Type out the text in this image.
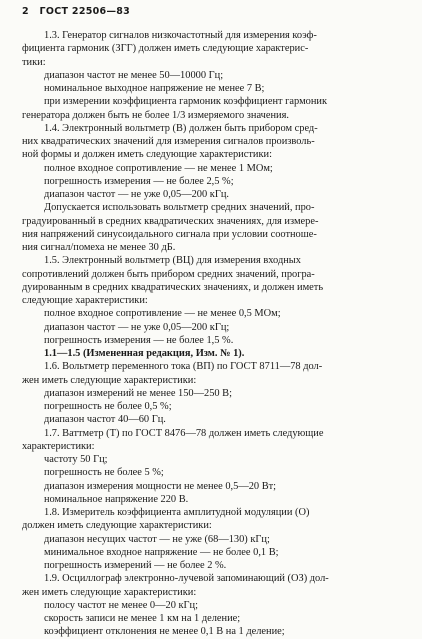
2 ГОСТ 22506—83
1.3. Генератор сигналов низкочастотный для измерения коэф-
фициента гармоник (ЗГГ) должен иметь следующие характерис-
тики:
диапазон частот не менее 50—10000 Гц;
номинальное выходное напряжение не менее 7 В;
при измерении коэффициента гармоник коэффициент гармоник
генератора должен быть не более 1/3 измеряемого значения.
1.4. Электронный вольтметр (В) должен быть прибором сред-
них квадратических значений для измерения сигналов произволь-
ной формы и должен иметь следующие характеристики:
полное входное сопротивление — не менее 1 МОм;
погрешность измерения — не более 2,5 %;
диапазон частот — не уже 0,05—200 кГц.
Допускается использовать вольтметр средних значений, про-
градуированный в средних квадратических значениях, для измере-
ния напряжений синусоидального сигнала при условии соотноше-
ния сигнал/помеха не менее 30 дБ.
1.5. Электронный вольтметр (ВЦ) для измерения входных
сопротивлений должен быть прибором средних значений, програ-
дуированным в средних квадратических значениях, и должен иметь
следующие характеристики:
полное входное сопротивление — не менее 0,5 МОм;
диапазон частот — не уже 0,05—200 кГц;
погрешность измерения — не более 1,5 %.
1.1—1.5 (Измененная редакция, Изм. № 1).
1.6. Вольтметр переменного тока (ВП) по ГОСТ 8711—78 дол-
жен иметь следующие характеристики:
диапазон измерений не менее 150—250 В;
погрешность не более 0,5 %;
диапазон частот 40—60 Гц.
1.7. Ваттметр (Т) по ГОСТ 8476—78 должен иметь следующие
характеристики:
частоту 50 Гц;
погрешность не более 5 %;
диапазон измерения мощности не менее 0,5—20 Вт;
номинальное напряжение 220 В.
1.8. Измеритель коэффициента амплитудной модуляции (О)
должен иметь следующие характеристики:
диапазон несущих частот — не уже (68—130) кГц;
минимальное входное напряжение — не более 0,1 В;
погрешность измерений — не более 2 %.
1.9. Осциллограф электронно-лучевой запоминающий (ОЗ) дол-
жен иметь следующие характеристики:
полосу частот не менее 0—20 кГц;
скорость записи не менее 1 км на 1 деление;
коэффициент отклонения не менее 0,1 В на 1 деление;
